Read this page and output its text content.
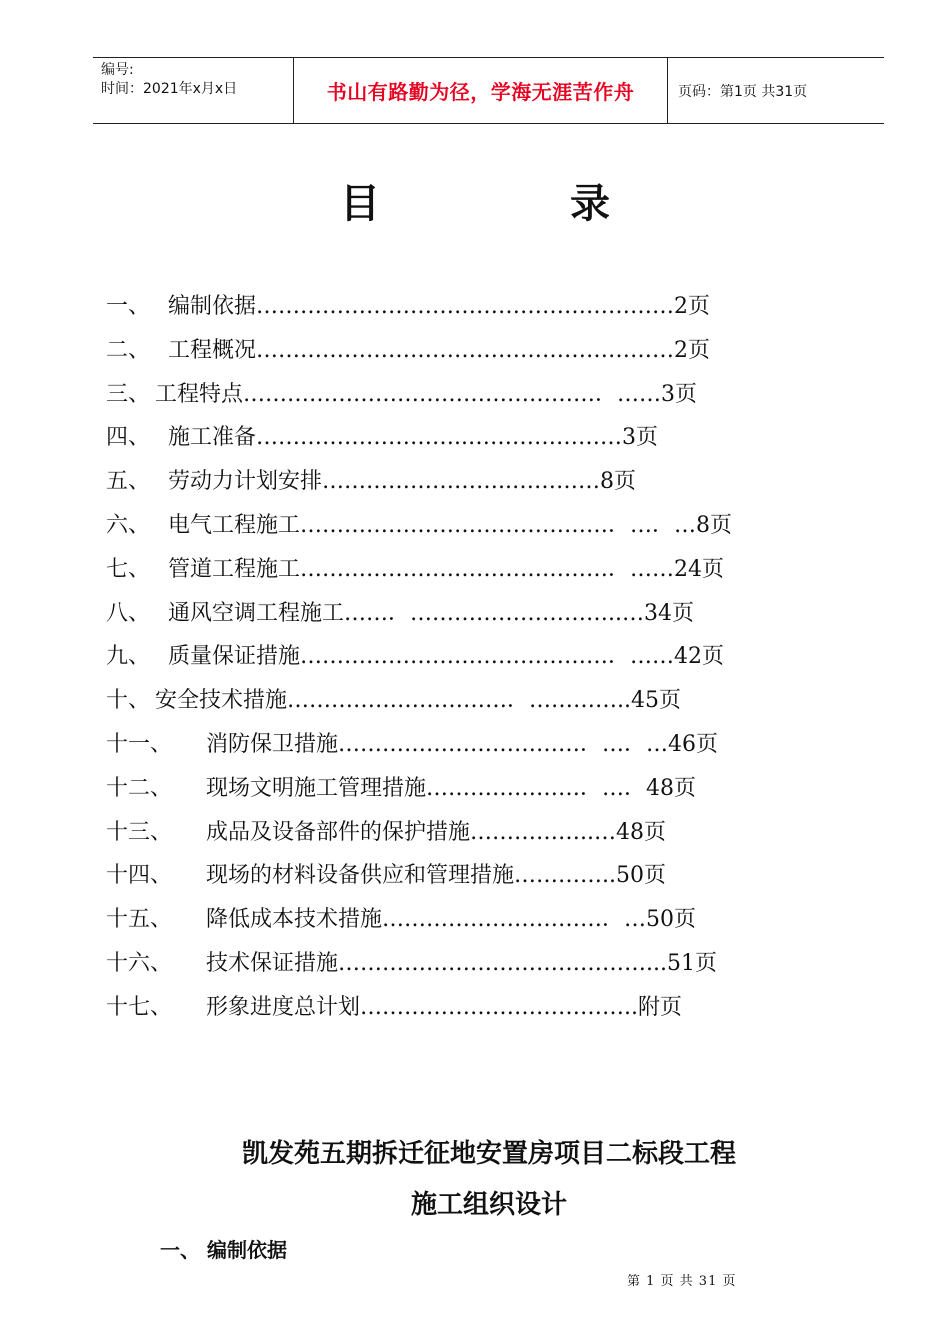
编号:
时间：2021年x月x日	书山有路勤为径，学海无涯苦作舟	页码：第1页 共31页
目录
一、 编制依据 …………………………………………………2页
二、 工程概况 …………………………………………………2页
三、 工程特点 …………………………………………．……3页
四、 施工准备 ………………………..…………………3页
五、 劳动力计划安排 ……………………..…………8页
六、 电气工程施工 ……………………………………．…．…8页
七、 管道工程施工 ……………………………………．……24页
八、 通风空调工程施工 ……．………………………..…34页
九、 质量保证措施 ……………………………………．……42页
十、 安全技术措施 …………………………．…………..45页
十一、	消防保卫措施 ……………………………．…．…46页
十二、	现场文明施工管理措施 …………………．…．48页
十三、	成品及设备部件的保护措施 ……………..…48页
十四、	现场的材料设备供应和管理措施 …………..50页
十五、	降低成本技术措施 …………………………．…50页
十六、	技术保证措施 ……………………………………...51页
十七、	形象进度总计划 ………………………………..附页
凯发苑五期拆迁征地安置房项目二标段工程
施工组织设计
一、 编制依据
第 1 页 共 31 页
